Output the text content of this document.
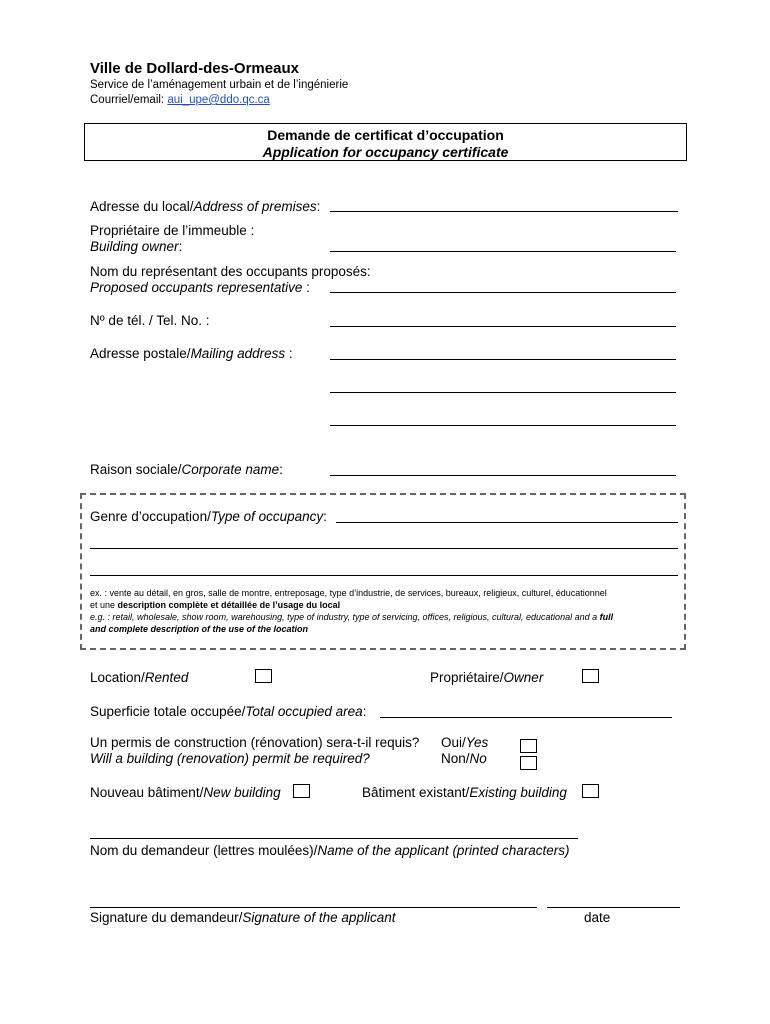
Ville de Dollard-des-Ormeaux
Service de l’aménagement urbain et de l’ingénierie
Courriel/email: aui_upe@ddo.qc.ca
Demande de certificat d’occupation
Application for occupancy certificate
Adresse du local/Address of premises:
Propriétaire de l’immeuble :
Building owner:
Nom du représentant des occupants proposés:
Proposed occupants representative :
Nº de tél. / Tel. No. :
Adresse postale/Mailing address :
Raison sociale/Corporate name:
Genre d’occupation/Type of occupancy:
ex. : vente au détail, en gros, salle de montre, entreposage, type d’industrie, de services, bureaux, religieux, culturel, éducationnel
et une description complète et détaillée de l’usage du local
e.g. : retail, wholesale, show room, warehousing, type of industry, type of servicing, offices, religious, cultural, educational and a full
and complete description of the use of the location
Location/Rented	Propriétaire/Owner
Superficie totale occupée/Total occupied area:
Un permis de construction (rénovation) sera-t-il requis?
Will a building (renovation) permit be required?
Oui/Yes
Non/No
Nouveau bâtiment/New building	Bâtiment existant/Existing building
Nom du demandeur (lettres moulées)/Name of the applicant (printed characters)
Signature du demandeur/Signature of the applicant	date
